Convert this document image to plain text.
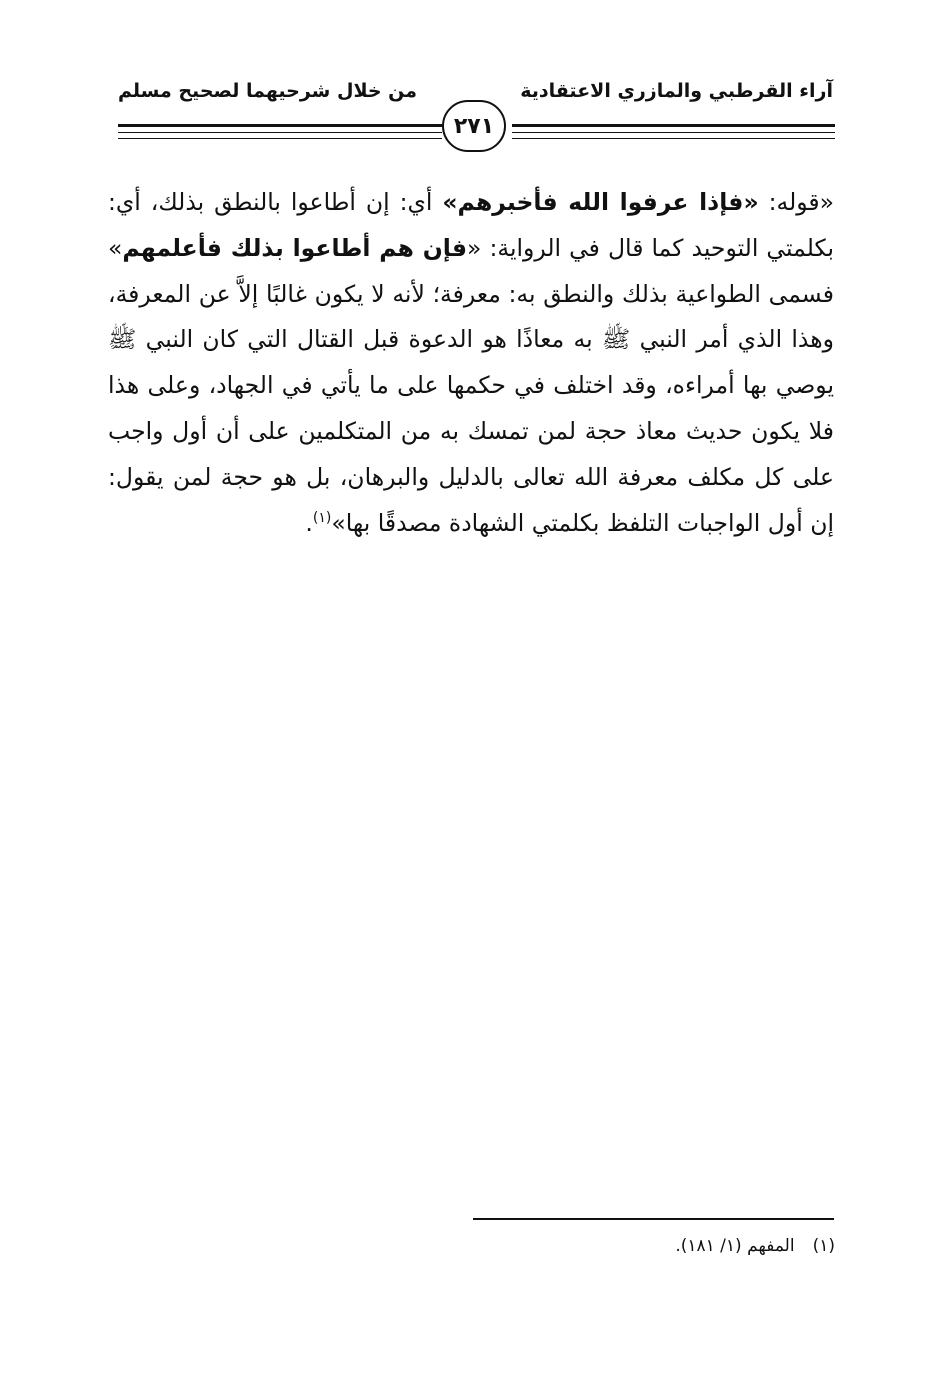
آراء القرطبي والمازري الاعتقادية
من خلال شرحيهما لصحيح مسلم
٢٧١
«قوله: «فإذا عرفوا الله فأخبرهم» أي: إن أطاعوا بالنطق بذلك، أي: بكلمتي التوحيد كما قال في الرواية: «فإن هم أطاعوا بذلك فأعلمهم» فسمى الطواعية بذلك والنطق به: معرفة؛ لأنه لا يكون غالبًا إلاَّ عن المعرفة، وهذا الذي أمر النبي ﷺ به معاذًا هو الدعوة قبل القتال التي كان النبي ﷺ يوصي بها أمراءه، وقد اختلف في حكمها على ما يأتي في الجهاد، وعلى هذا فلا يكون حديث معاذ حجة لمن تمسك به من المتكلمين على أن أول واجب على كل مكلف معرفة الله تعالى بالدليل والبرهان، بل هو حجة لمن يقول: إن أول الواجبات التلفظ بكلمتي الشهادة مصدقًا بها»$^{(١)}$.
(١)المفهم (١/ ١٨١).
